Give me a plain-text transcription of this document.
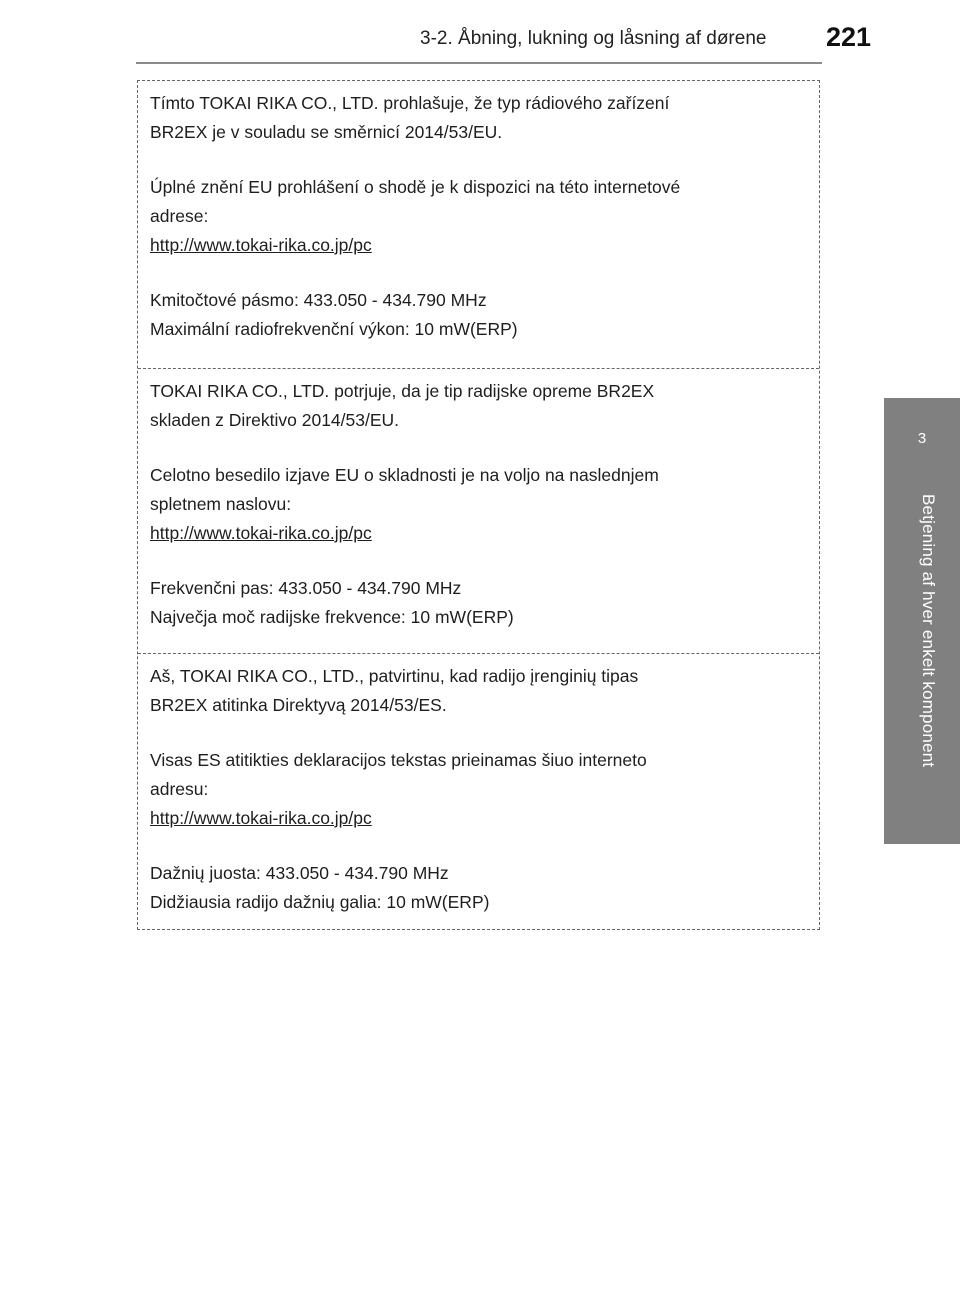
3-2. Åbning, lukning og låsning af dørene 221
3
Betjening af hver enkelt komponent

Tímto TOKAI RIKA CO., LTD. prohlašuje, že typ rádiového zařízení

BR2EX je v souladu se směrnicí 2014/53/EU.

Úplné znění EU prohlášení o shodě je k dispozici na této internetové

adrese:

http://www.tokai-rika.co.jp/pc

Kmitočtové pásmo: 433.050 - 434.790 MHz

Maximální radiofrekvenční výkon: 10 mW(ERP)

TOKAI RIKA CO., LTD. potrjuje, da je tip radijske opreme BR2EX

skladen z Direktivo 2014/53/EU.

Celotno besedilo izjave EU o skladnosti je na voljo na naslednjem

spletnem naslovu:

http://www.tokai-rika.co.jp/pc

Frekvenčni pas: 433.050 - 434.790 MHz

Največja moč radijske frekvence: 10 mW(ERP)

Aš, TOKAI RIKA CO., LTD., patvirtinu, kad radijo įrenginių tipas

BR2EX atitinka Direktyvą 2014/53/ES.

Visas ES atitikties deklaracijos tekstas prieinamas šiuo interneto

adresu:

http://www.tokai-rika.co.jp/pc

Dažnių juosta: 433.050 - 434.790 MHz

Didžiausia radijo dažnių galia: 10 mW(ERP)
